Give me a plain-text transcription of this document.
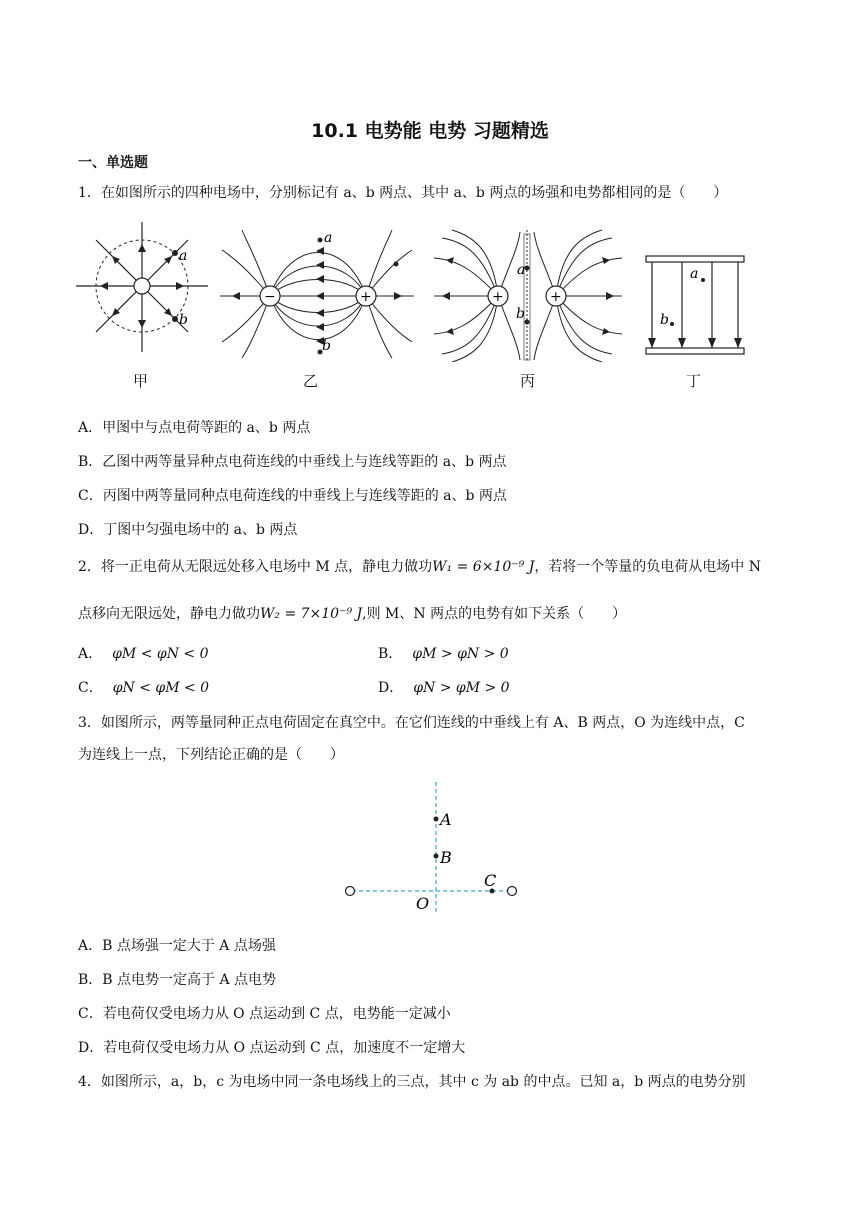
10.1 电势能 电势 习题精选
一、单选题
1．在如图所示的四种电场中，分别标记有 a、b 两点、其中 a、b 两点的场强和电势都相同的是（　　）
a
b
−	+
a
b
+	+
a
b
a
b
甲	乙	丙	丁
A．甲图中与点电荷等距的 a、b 两点
B．乙图中两等量异种点电荷连线的中垂线上与连线等距的 a、b 两点
C．丙图中两等量同种点电荷连线的中垂线上与连线等距的 a、b 两点
D．丁图中匀强电场中的 a、b 两点
2．将一正电荷从无限远处移入电场中 M 点，静电力做功W₁ = 6×10⁻⁹ J，若将一个等量的负电荷从电场中 N
点移向无限远处，静电力做功W₂ = 7×10⁻⁹ J,则 M、N 两点的电势有如下关系（　　）
A． φM < φN < 0	B． φM > φN > 0
C． φN < φM < 0	D． φN > φM > 0
3．如图所示，两等量同种正点电荷固定在真空中。在它们连线的中垂线上有 A、B 两点，O 为连线中点，C
为连线上一点，下列结论正确的是（　　）
A
B
C
O
A．B 点场强一定大于 A 点场强
B．B 点电势一定高于 A 点电势
C．若电荷仅受电场力从 O 点运动到 C 点，电势能一定减小
D．若电荷仅受电场力从 O 点运动到 C 点，加速度不一定增大
4．如图所示，a，b，c 为电场中同一条电场线上的三点，其中 c 为 ab 的中点。已知 a，b 两点的电势分别
